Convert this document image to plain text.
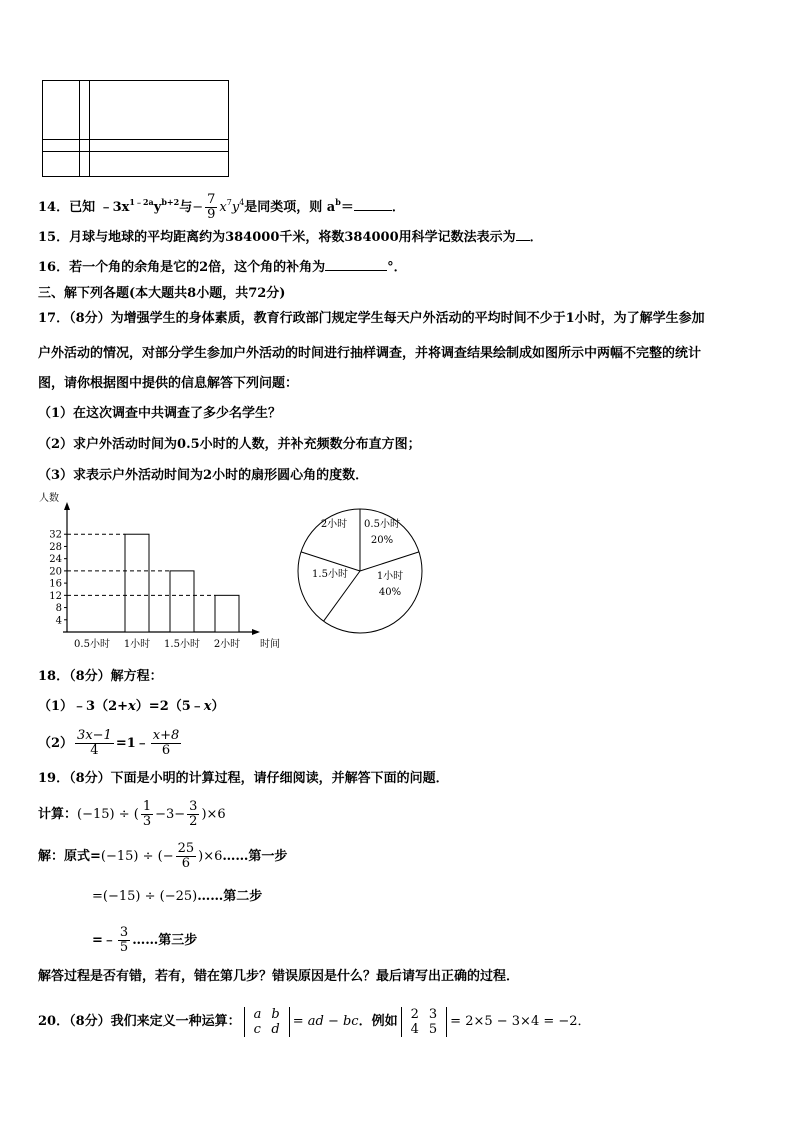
14．已知 $﹣3x^{1﹣2a}y^{b+2}$与− $\frac{7}{9} x^7y^4$是同类项，则 $a^b=$	．
15．月球与地球的平均距离约为384000千米，将数384000用科学记数法表示为 ．
16．若一个角的余角是它的2倍，这个角的补角为	°．
三、解下列各题(本大题共8小题，共72分)
17．（8分）为增强学生的身体素质，教育行政部门规定学生每天户外活动的平均时间不少于1小时，为了解学生参加
户外活动的情况，对部分学生参加户外活动的时间进行抽样调查，并将调查结果绘制成如图所示中两幅不完整的统计
图，请你根据图中提供的信息解答下列问题：
（1）在这次调查中共调查了多少名学生？
（2）求户外活动时间为0.5小时的人数，并补充频数分布直方图；
（3）求表示户外活动时间为2小时的扇形圆心角的度数．
人数
时间
4
8
12
16
20
24
28
32
0.5小时 1小时 1.5小时 2小时
2小时 0.5小时
20%
1小时
40%
1.5小时
18．（8分）解方程：
（1）﹣3（2+x）=2（5﹣x）
$(2) \frac{3x-1}{4}$ =1﹣ $\frac{x+8}{6}$
19．（8分）下面是小明的计算过程，请仔细阅读，并解答下面的问题．
计算：(−15) ÷ ( $\frac{1}{3} -3- \frac{3}{2} )\times 6$
解：原式=(−15) ÷ (− $\frac{25}{6}$ )×6……第一步
=(−15) ÷ (−25)……第二步
=﹣ $\frac{3}{5}$ ……第三步
解答过程是否有错，若有，错在第几步？错误原因是什么？最后请写出正确的过程．
20．（8分）我们来定义一种运算： a	b
c	d = ad − bc．例如 2	3
4	5 = 2×5 − 3×4 = −2．
